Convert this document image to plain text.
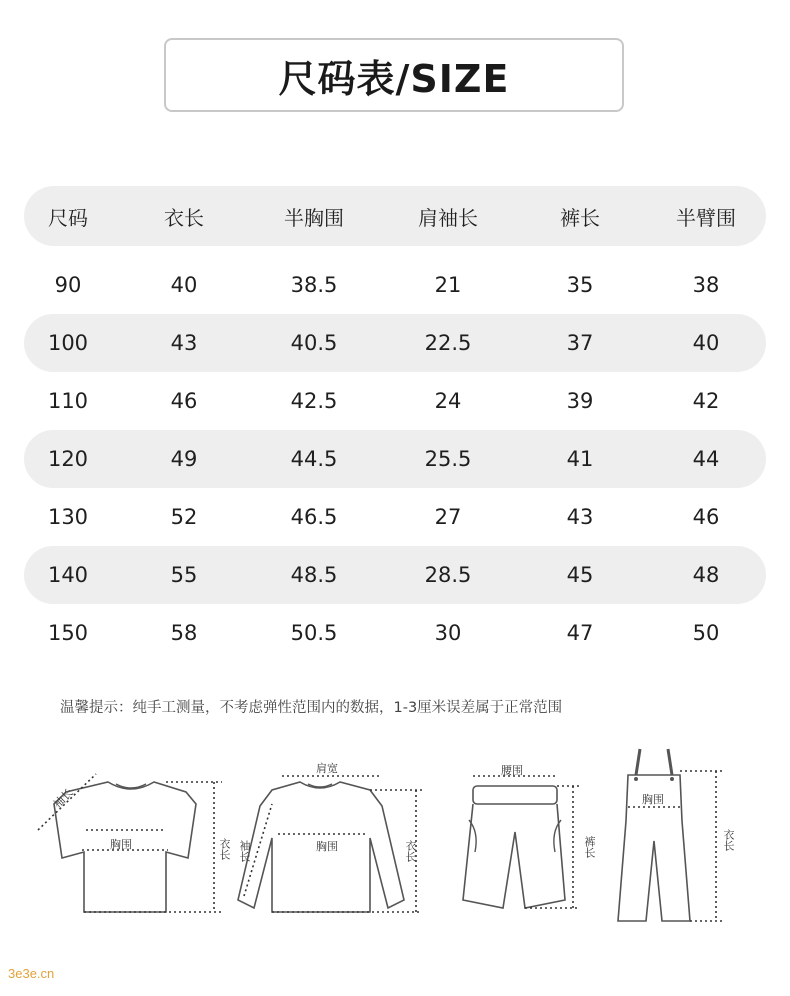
尺码表/SIZE
尺码	衣长	半胸围	肩袖长	裤长	半臂围
90	40	38.5	21	35	38
100	43	40.5	22.5	37	40
110	46	42.5	24	39	42
120	49	44.5	25.5	41	44
130	52	46.5	27	43	46
140	55	48.5	28.5	45	48
150	58	50.5	30	47	50
温馨提示：纯手工测量，不考虑弹性范围内的数据，1-3厘米误差属于正常范围
袖长
胸围	衣长
肩宽
胸围
袖长	衣长
腰围
裤长
胸围
衣长
3e3e.cn
